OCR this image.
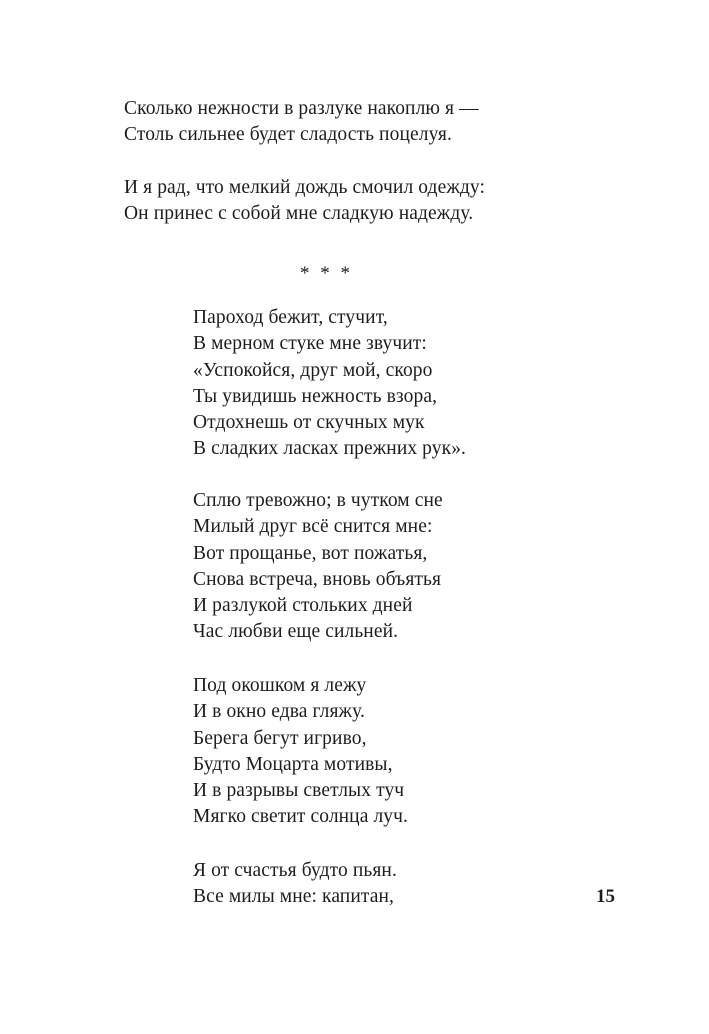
Сколько нежности в разлуке накоплю я —
Столь сильнее будет сладость поцелуя.
И я рад, что мелкий дождь смочил одежду:
Он принес с собой мне сладкую надежду.
* * *
Пароход бежит, стучит,
В мерном стуке мне звучит:
«Успокойся, друг мой, скоро
Ты увидишь нежность взора,
Отдохнешь от скучных мук
В сладких ласках прежних рук».
Сплю тревожно; в чутком сне
Милый друг всё снится мне:
Вот прощанье, вот пожатья,
Снова встреча, вновь объятья
И разлукой стольких дней
Час любви еще сильней.
Под окошком я лежу
И в окно едва гляжу.
Берега бегут игриво,
Будто Моцарта мотивы,
И в разрывы светлых туч
Мягко светит солнца луч.
Я от счастья будто пьян.
Все милы мне: капитан,	15
